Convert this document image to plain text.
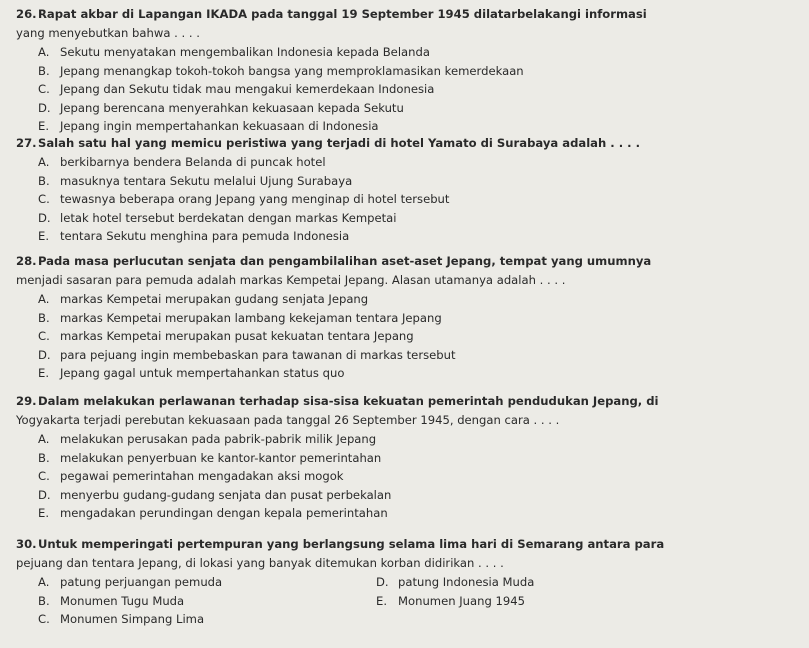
26.Rapat akbar di Lapangan IKADA pada tanggal 19 September 1945 dilatarbelakangi informasi
yang menyebutkan bahwa . . . .
A. Sekutu menyatakan mengembalikan Indonesia kepada Belanda
B. Jepang menangkap tokoh-tokoh bangsa yang memproklamasikan kemerdekaan
C. Jepang dan Sekutu tidak mau mengakui kemerdekaan Indonesia
D. Jepang berencana menyerahkan kekuasaan kepada Sekutu
E. Jepang ingin mempertahankan kekuasaan di Indonesia
27.Salah satu hal yang memicu peristiwa yang terjadi di hotel Yamato di Surabaya adalah . . . .
A. berkibarnya bendera Belanda di puncak hotel
B. masuknya tentara Sekutu melalui Ujung Surabaya
C. tewasnya beberapa orang Jepang yang menginap di hotel tersebut
D. letak hotel tersebut berdekatan dengan markas Kempetai
E. tentara Sekutu menghina para pemuda Indonesia
28.Pada masa perlucutan senjata dan pengambilalihan aset-aset Jepang, tempat yang umumnya
menjadi sasaran para pemuda adalah markas Kempetai Jepang. Alasan utamanya adalah . . . .
A. markas Kempetai merupakan gudang senjata Jepang
B. markas Kempetai merupakan lambang kekejaman tentara Jepang
C. markas Kempetai merupakan pusat kekuatan tentara Jepang
D. para pejuang ingin membebaskan para tawanan di markas tersebut
E. Jepang gagal untuk mempertahankan status quo
29.Dalam melakukan perlawanan terhadap sisa-sisa kekuatan pemerintah pendudukan Jepang, di
Yogyakarta terjadi perebutan kekuasaan pada tanggal 26 September 1945, dengan cara . . . .
A. melakukan perusakan pada pabrik-pabrik milik Jepang
B. melakukan penyerbuan ke kantor-kantor pemerintahan
C. pegawai pemerintahan mengadakan aksi mogok
D. menyerbu gudang-gudang senjata dan pusat perbekalan
E. mengadakan perundingan dengan kepala pemerintahan
30.Untuk memperingati pertempuran yang berlangsung selama lima hari di Semarang antara para
pejuang dan tentara Jepang, di lokasi yang banyak ditemukan korban didirikan . . . .
A. patung perjuangan pemuda	D. patung Indonesia Muda
B. Monumen Tugu Muda	E. Monumen Juang 1945
C. Monumen Simpang Lima
